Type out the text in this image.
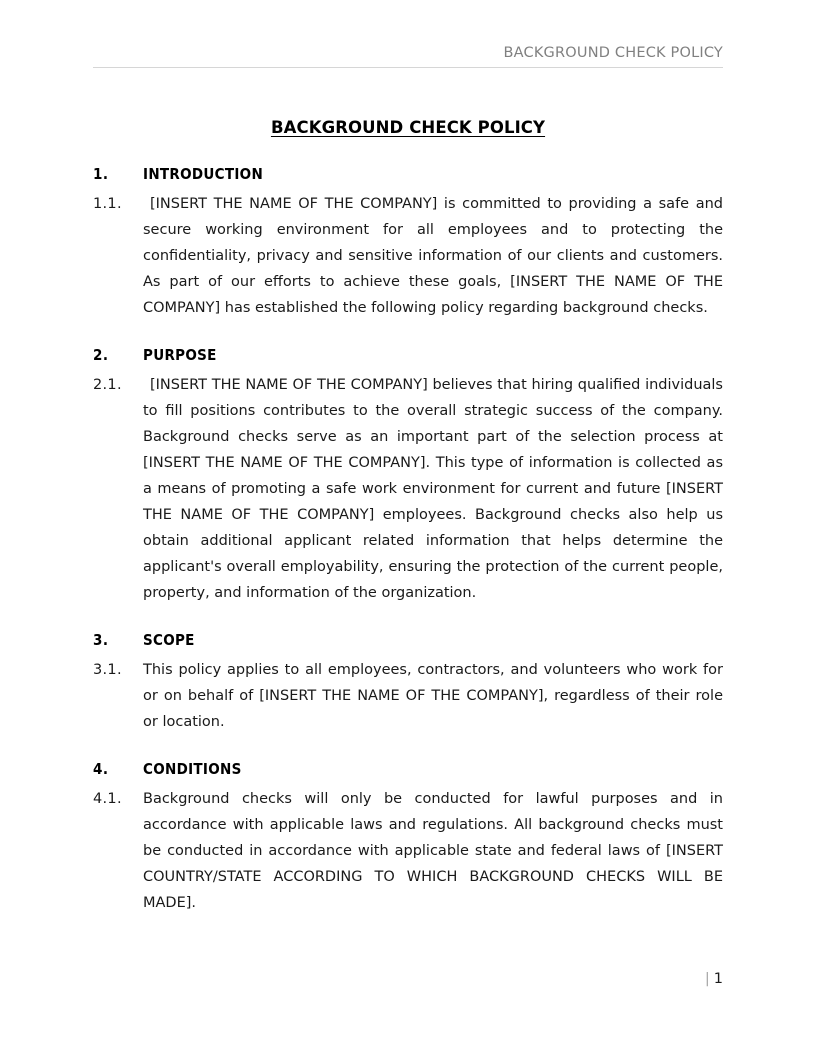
BACKGROUND CHECK POLICY
BACKGROUND CHECK POLICY
1.	INTRODUCTION
1.1.	[INSERT THE NAME OF THE COMPANY] is committed to providing a safe and secure working environment for all employees and to protecting the confidentiality, privacy and sensitive information of our clients and customers. As part of our efforts to achieve these goals, [INSERT THE NAME OF THE COMPANY] has established the following policy regarding background checks.
2.	PURPOSE
2.1.	[INSERT THE NAME OF THE COMPANY] believes that hiring qualified individuals to fill positions contributes to the overall strategic success of the company. Background checks serve as an important part of the selection process at [INSERT THE NAME OF THE COMPANY]. This type of information is collected as a means of promoting a safe work environment for current and future [INSERT THE NAME OF THE COMPANY] employees. Background checks also help us obtain additional applicant related information that helps determine the applicant's overall employability, ensuring the protection of the current people, property, and information of the organization.
3.	SCOPE
3.1.	This policy applies to all employees, contractors, and volunteers who work for or on behalf of [INSERT THE NAME OF THE COMPANY], regardless of their role or location.
4.	CONDITIONS
4.1.	Background checks will only be conducted for lawful purposes and in accordance with applicable laws and regulations. All background checks must be conducted in accordance with applicable state and federal laws of [INSERT COUNTRY/STATE ACCORDING TO WHICH BACKGROUND CHECKS WILL BE MADE].
| 1
